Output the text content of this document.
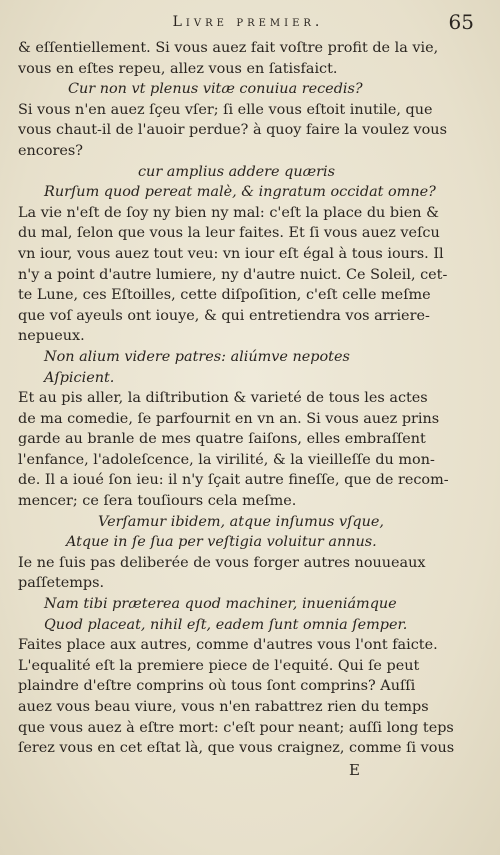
Livre premier.	65
& eſſentiellement. Si vous auez fait voſtre profit de la vie,
vous en eſtes repeu, allez vous en ſatisfaict.
Cur non vt plenus vitæ conuiua recedis?
Si vous n'en auez ſçeu vſer; ſi elle vous eſtoit inutile, que
vous chaut-il de l'auoir perdue? à quoy faire la voulez vous
encores?
cur amplius addere quæris
Rurſum quod pereat malè, & ingratum occidat omne?
La vie n'eſt de ſoy ny bien ny mal: c'eſt la place du bien &
du mal, ſelon que vous la leur faites. Et ſi vous auez veſcu
vn iour, vous auez tout veu: vn iour eſt égal à tous iours. Il
n'y a point d'autre lumiere, ny d'autre nuict. Ce Soleil, cet-
te Lune, ces Eſtoilles, cette diſpoſition, c'eſt celle meſme
que voſ ayeuls ont iouye, & qui entretiendra vos arriere-
nepueux.
Non alium videre patres: aliúmve nepotes
Aſpicient.
Et au pis aller, la diſtribution & varieté de tous les actes
de ma comedie, ſe parfournit en vn an. Si vous auez prins
garde au branle de mes quatre ſaiſons, elles embraſſent
l'enfance, l'adoleſcence, la virilité, & la vieilleſſe du mon-
de. Il a ioué ſon ieu: il n'y ſçait autre fineſſe, que de recom-
mencer; ce ſera touſiours cela meſme.
Verſamur ibidem, atque inſumus vſque,
Atque in ſe ſua per veſtigia voluitur annus.
Ie ne ſuis pas deliberée de vous forger autres nouueaux
paſſetemps.
Nam tibi præterea quod machiner, inueniámque
Quod placeat, nihil eſt, eadem ſunt omnia ſemper.
Faites place aux autres, comme d'autres vous l'ont faicte.
L'equalité eſt la premiere piece de l'equité. Qui ſe peut
plaindre d'eſtre comprins où tous ſont comprins? Auſſi
auez vous beau viure, vous n'en rabattrez rien du temps
que vous auez à eſtre mort: c'eſt pour neant; auſſi long teps
ſerez vous en cet eſtat là, que vous craignez, comme ſi vous
E
